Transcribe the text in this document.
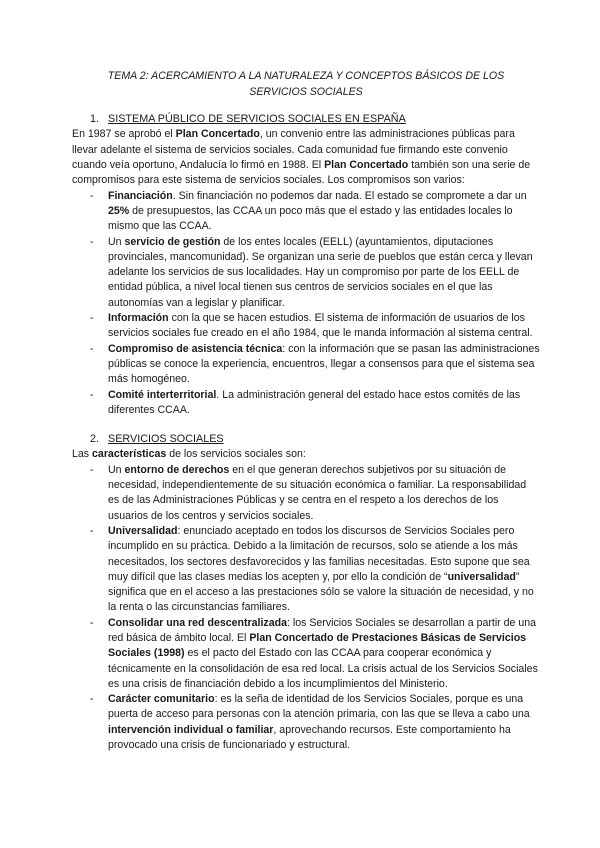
TEMA 2: ACERCAMIENTO A LA NATURALEZA Y CONCEPTOS BÁSICOS DE LOS
SERVICIOS SOCIALES
1. SISTEMA PÚBLICO DE SERVICIOS SOCIALES EN ESPAÑA

En 1987 se aprobó el Plan Concertado, un convenio entre las administraciones públicas para llevar adelante el sistema de servicios sociales. Cada comunidad fue firmando este convenio cuando veía oportuno, Andalucía lo firmó en 1988. El Plan Concertado también son una serie de compromisos para este sistema de servicios sociales. Los compromisos son varios:

- Financiación. Sin financiación no podemos dar nada. El estado se compromete a dar un 25% de presupuestos, las CCAA un poco más que el estado y las entidades locales lo mismo que las CCAA.
- Un servicio de gestión de los entes locales (EELL) (ayuntamientos, diputaciones provinciales, mancomunidad). Se organizan una serie de pueblos que están cerca y llevan adelante los servicios de sus localidades. Hay un compromiso por parte de los EELL de entidad pública, a nivel local tienen sus centros de servicios sociales en el que las autonomías van a legislar y planificar.
- Información con la que se hacen estudios. El sistema de información de usuarios de los servicios sociales fue creado en el año 1984, que le manda información al sistema central.
- Compromiso de asistencia técnica: con la información que se pasan las administraciones públicas se conoce la experiencia, encuentros, llegar a consensos para que el sistema sea más homogéneo.
- Comité interterritorial. La administración general del estado hace estos comités de las diferentes CCAA.
2. SERVICIOS SOCIALES

Las características de los servicios sociales son:

- Un entorno de derechos en el que generan derechos subjetivos por su situación de necesidad, independientemente de su situación económica o familiar. La responsabilidad es de las Administraciones Públicas y se centra en el respeto a los derechos de los usuarios de los centros y servicios sociales.
- Universalidad: enunciado aceptado en todos los discursos de Servicios Sociales pero incumplido en su práctica. Debido a la limitación de recursos, solo se atiende a los más necesitados, los sectores desfavorecidos y las familias necesitadas. Esto supone que sea muy difícil que las clases medias los acepten y, por ello la condición de “universalidad” significa que en el acceso a las prestaciones sólo se valore la situación de necesidad, y no la renta o las circunstancias familiares.
- Consolidar una red descentralizada: los Servicios Sociales se desarrollan a partir de una red básica de ámbito local. El Plan Concertado de Prestaciones Básicas de Servicios Sociales (1998) es el pacto del Estado con las CCAA para cooperar económica y técnicamente en la consolidación de esa red local. La crisis actual de los Servicios Sociales es una crisis de financiación debido a los incumplimientos del Ministerio.
- Carácter comunitario: es la seña de identidad de los Servicios Sociales, porque es una puerta de acceso para personas con la atención primaria, con las que se lleva a cabo una intervención individual o familiar, aprovechando recursos. Este comportamiento ha provocado una crisis de funcionariado y estructural.
